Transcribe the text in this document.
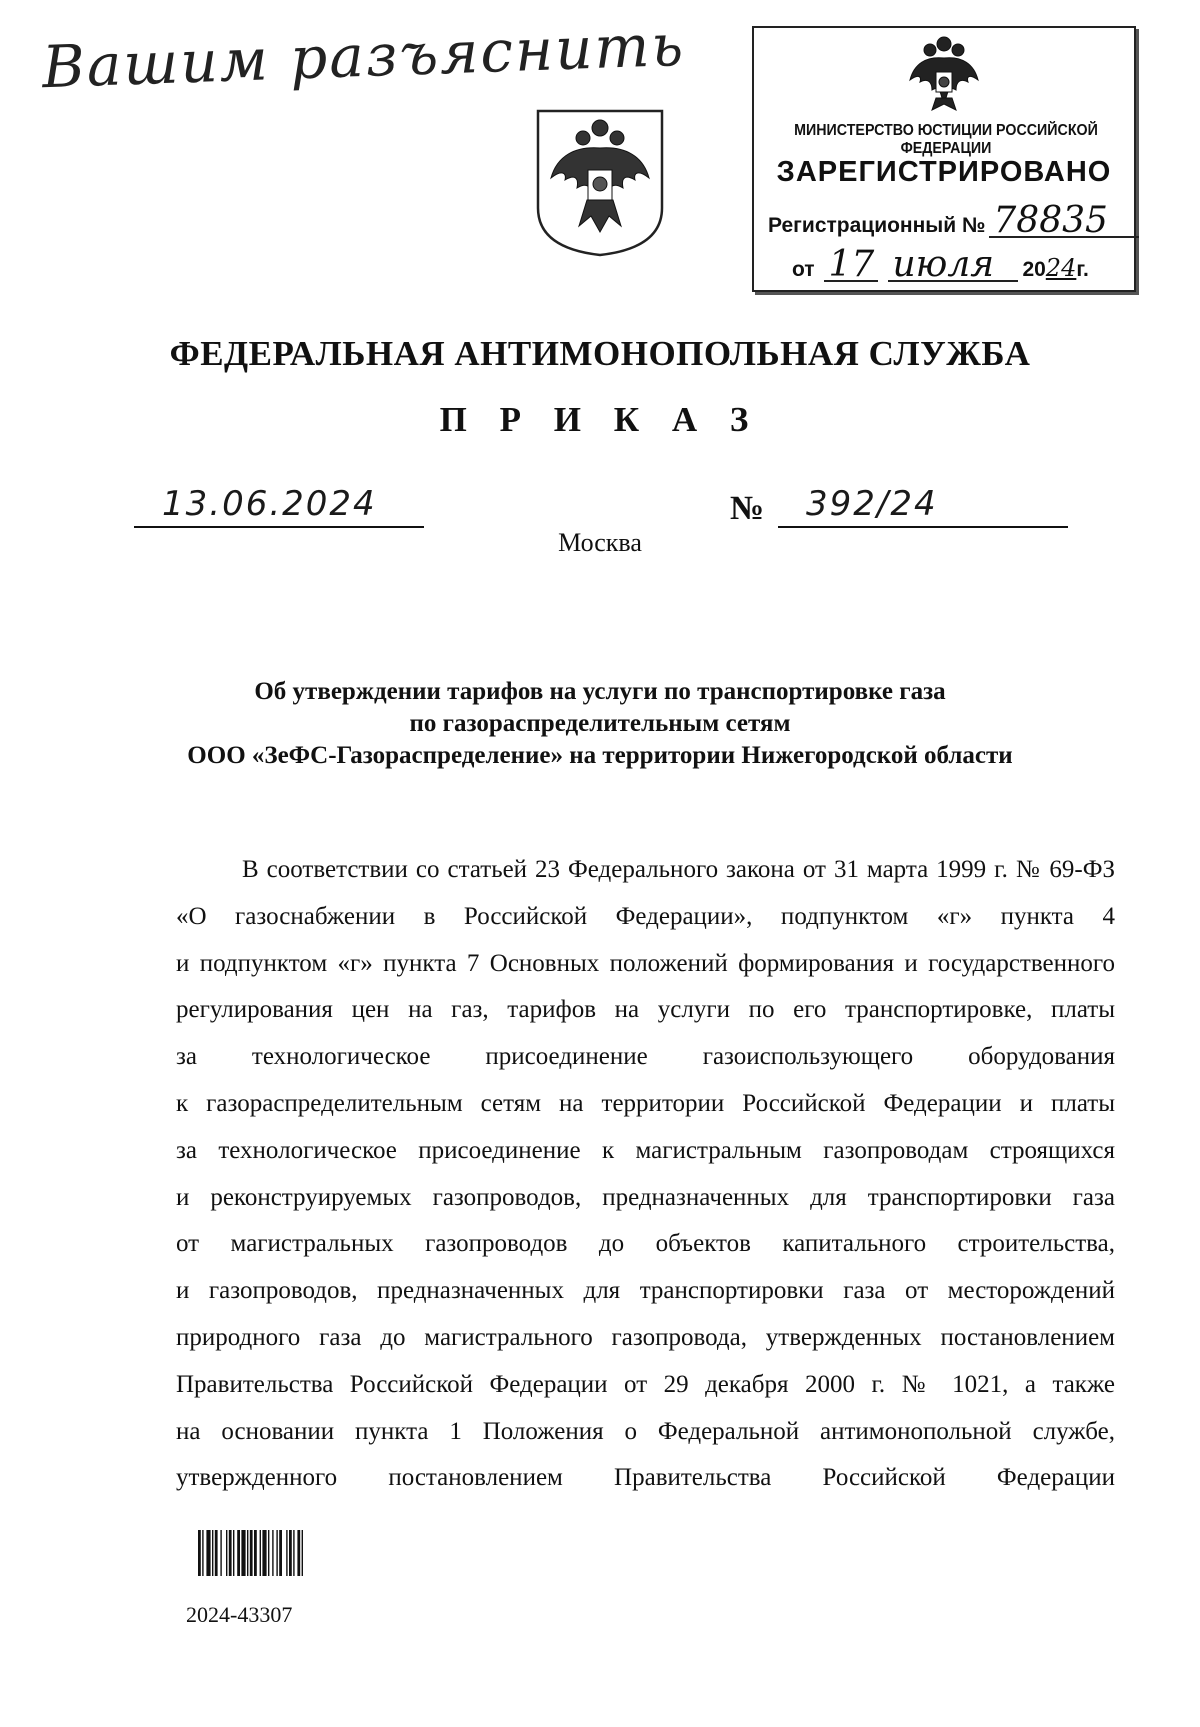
Вашим разъяснить
МИНИСТЕРСТВО ЮСТИЦИИ РОССИЙСКОЙ ФЕДЕРАЦИИ
ЗАРЕГИСТРИРОВАНО
Регистрационный № 78835
от 17 июля 2024г.
ФЕДЕРАЛЬНАЯ АНТИМОНОПОЛЬНАЯ СЛУЖБА
П Р И К А З
13.06.2024	№ 392/24
Москва
Об утверждении тарифов на услуги по транспортировке газа
по газораспределительным сетям
ООО «ЗеФС-Газораспределение» на территории Нижегородской области
В соответствии со статьей 23 Федерального закона от 31 марта 1999 г. № 69-ФЗ
«О газоснабжении в Российской Федерации», подпунктом «г» пункта 4
и подпунктом «г» пункта 7 Основных положений формирования и государственного
регулирования цен на газ, тарифов на услуги по его транспортировке, платы
за технологическое присоединение газоиспользующего оборудования
к газораспределительным сетям на территории Российской Федерации и платы
за технологическое присоединение к магистральным газопроводам строящихся
и реконструируемых газопроводов, предназначенных для транспортировки газа
от магистральных газопроводов до объектов капитального строительства,
и газопроводов, предназначенных для транспортировки газа от месторождений
природного газа до магистрального газопровода, утвержденных постановлением
Правительства Российской Федерации от 29 декабря 2000 г. № 1021, а также
на основании пункта 1 Положения о Федеральной антимонопольной службе,
утвержденного постановлением Правительства Российской Федерации
2024-43307
